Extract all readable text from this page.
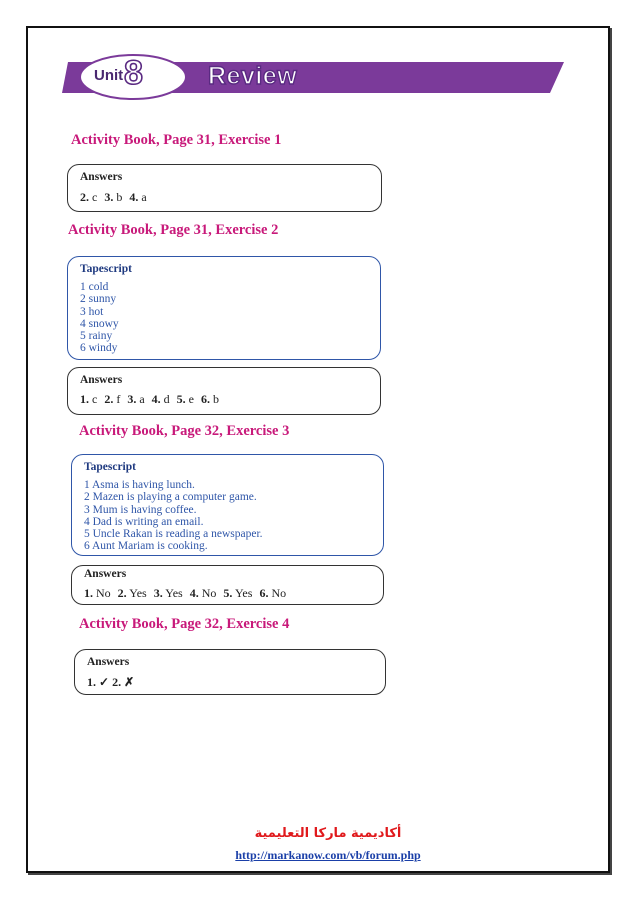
Unit 8	Review
Activity Book, Page 31, Exercise 1
Answers
2. c 3. b 4. a
Activity Book, Page 31, Exercise 2
Tapescript
1 cold
2 sunny
3 hot
4 snowy
5 rainy
6 windy
Answers
1. c 2. f 3. a 4. d 5. e 6. b
Activity Book, Page 32, Exercise 3
Tapescript
1 Asma is having lunch.
2 Mazen is playing a computer game.
3 Mum is having coffee.
4 Dad is writing an email.
5 Uncle Rakan is reading a newspaper.
6 Aunt Mariam is cooking.
Answers
1. No 2. Yes 3. Yes 4. No 5. Yes 6. No
Activity Book, Page 32, Exercise 4
Answers
1. ✓ 2. ✗
أكاديمية ماركا التعليمية
http://markanow.com/vb/forum.php
